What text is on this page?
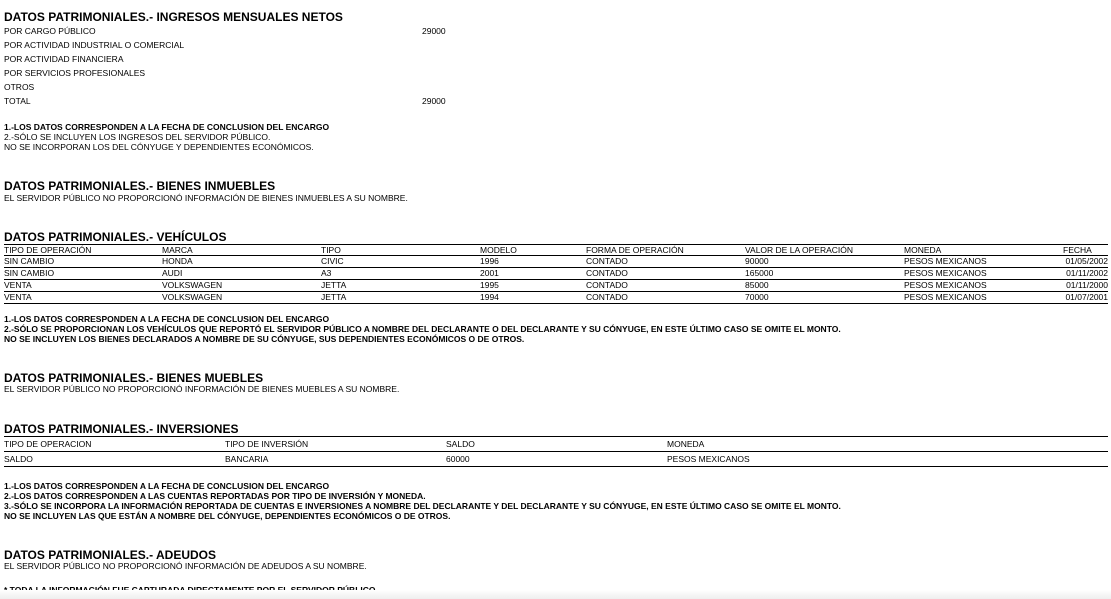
DATOS PATRIMONIALES.- INGRESOS MENSUALES NETOS
POR CARGO PÚBLICO	29000
POR ACTIVIDAD INDUSTRIAL O COMERCIAL
POR ACTIVIDAD FINANCIERA
POR SERVICIOS PROFESIONALES
OTROS
TOTAL	29000
1.-LOS DATOS CORRESPONDEN A LA FECHA DE CONCLUSION DEL ENCARGO
2.-SÓLO SE INCLUYEN LOS INGRESOS DEL SERVIDOR PÚBLICO.
NO SE INCORPORAN LOS DEL CÓNYUGE Y DEPENDIENTES ECONÓMICOS.
DATOS PATRIMONIALES.- BIENES INMUEBLES
EL SERVIDOR PÚBLICO NO PROPORCIONÓ INFORMACIÓN DE BIENES INMUEBLES A SU NOMBRE.
DATOS PATRIMONIALES.- VEHÍCULOS
TIPO DE OPERACIÓN	MARCA	TIPO	MODELO	FORMA DE OPERACIÓN	VALOR DE LA OPERACIÓN	MONEDA	FECHA
SIN CAMBIO	HONDA	CIVIC	1996	CONTADO	90000	PESOS MEXICANOS	01/05/2002
SIN CAMBIO	AUDI	A3	2001	CONTADO	165000	PESOS MEXICANOS	01/11/2002
VENTA	VOLKSWAGEN	JETTA	1995	CONTADO	85000	PESOS MEXICANOS	01/11/2000
VENTA	VOLKSWAGEN	JETTA	1994	CONTADO	70000	PESOS MEXICANOS	01/07/2001
1.-LOS DATOS CORRESPONDEN A LA FECHA DE CONCLUSION DEL ENCARGO
2.-SÓLO SE PROPORCIONAN LOS VEHÍCULOS QUE REPORTÓ EL SERVIDOR PÚBLICO A NOMBRE DEL DECLARANTE O DEL DECLARANTE Y SU CÓNYUGE, EN ESTE ÚLTIMO CASO SE OMITE EL MONTO.
NO SE INCLUYEN LOS BIENES DECLARADOS A NOMBRE DE SU CÓNYUGE, SUS DEPENDIENTES ECONÓMICOS O DE OTROS.
DATOS PATRIMONIALES.- BIENES MUEBLES
EL SERVIDOR PÚBLICO NO PROPORCIONÓ INFORMACIÓN DE BIENES MUEBLES A SU NOMBRE.
DATOS PATRIMONIALES.- INVERSIONES
TIPO DE OPERACION	TIPO DE INVERSIÓN	SALDO	MONEDA
SALDO	BANCARIA	60000	PESOS MEXICANOS
1.-LOS DATOS CORRESPONDEN A LA FECHA DE CONCLUSION DEL ENCARGO
2.-LOS DATOS CORRESPONDEN A LAS CUENTAS REPORTADAS POR TIPO DE INVERSIÓN Y MONEDA.
3.-SÓLO SE INCORPORA LA INFORMACIÓN REPORTADA DE CUENTAS E INVERSIONES A NOMBRE DEL DECLARANTE Y DEL DECLARANTE Y SU CÓNYUGE, EN ESTE ÚLTIMO CASO SE OMITE EL MONTO.
NO SE INCLUYEN LAS QUE ESTÁN A NOMBRE DEL CÓNYUGE, DEPENDIENTES ECONÓMICOS O DE OTROS.
DATOS PATRIMONIALES.- ADEUDOS
EL SERVIDOR PÚBLICO NO PROPORCIONÓ INFORMACIÓN DE ADEUDOS A SU NOMBRE.
